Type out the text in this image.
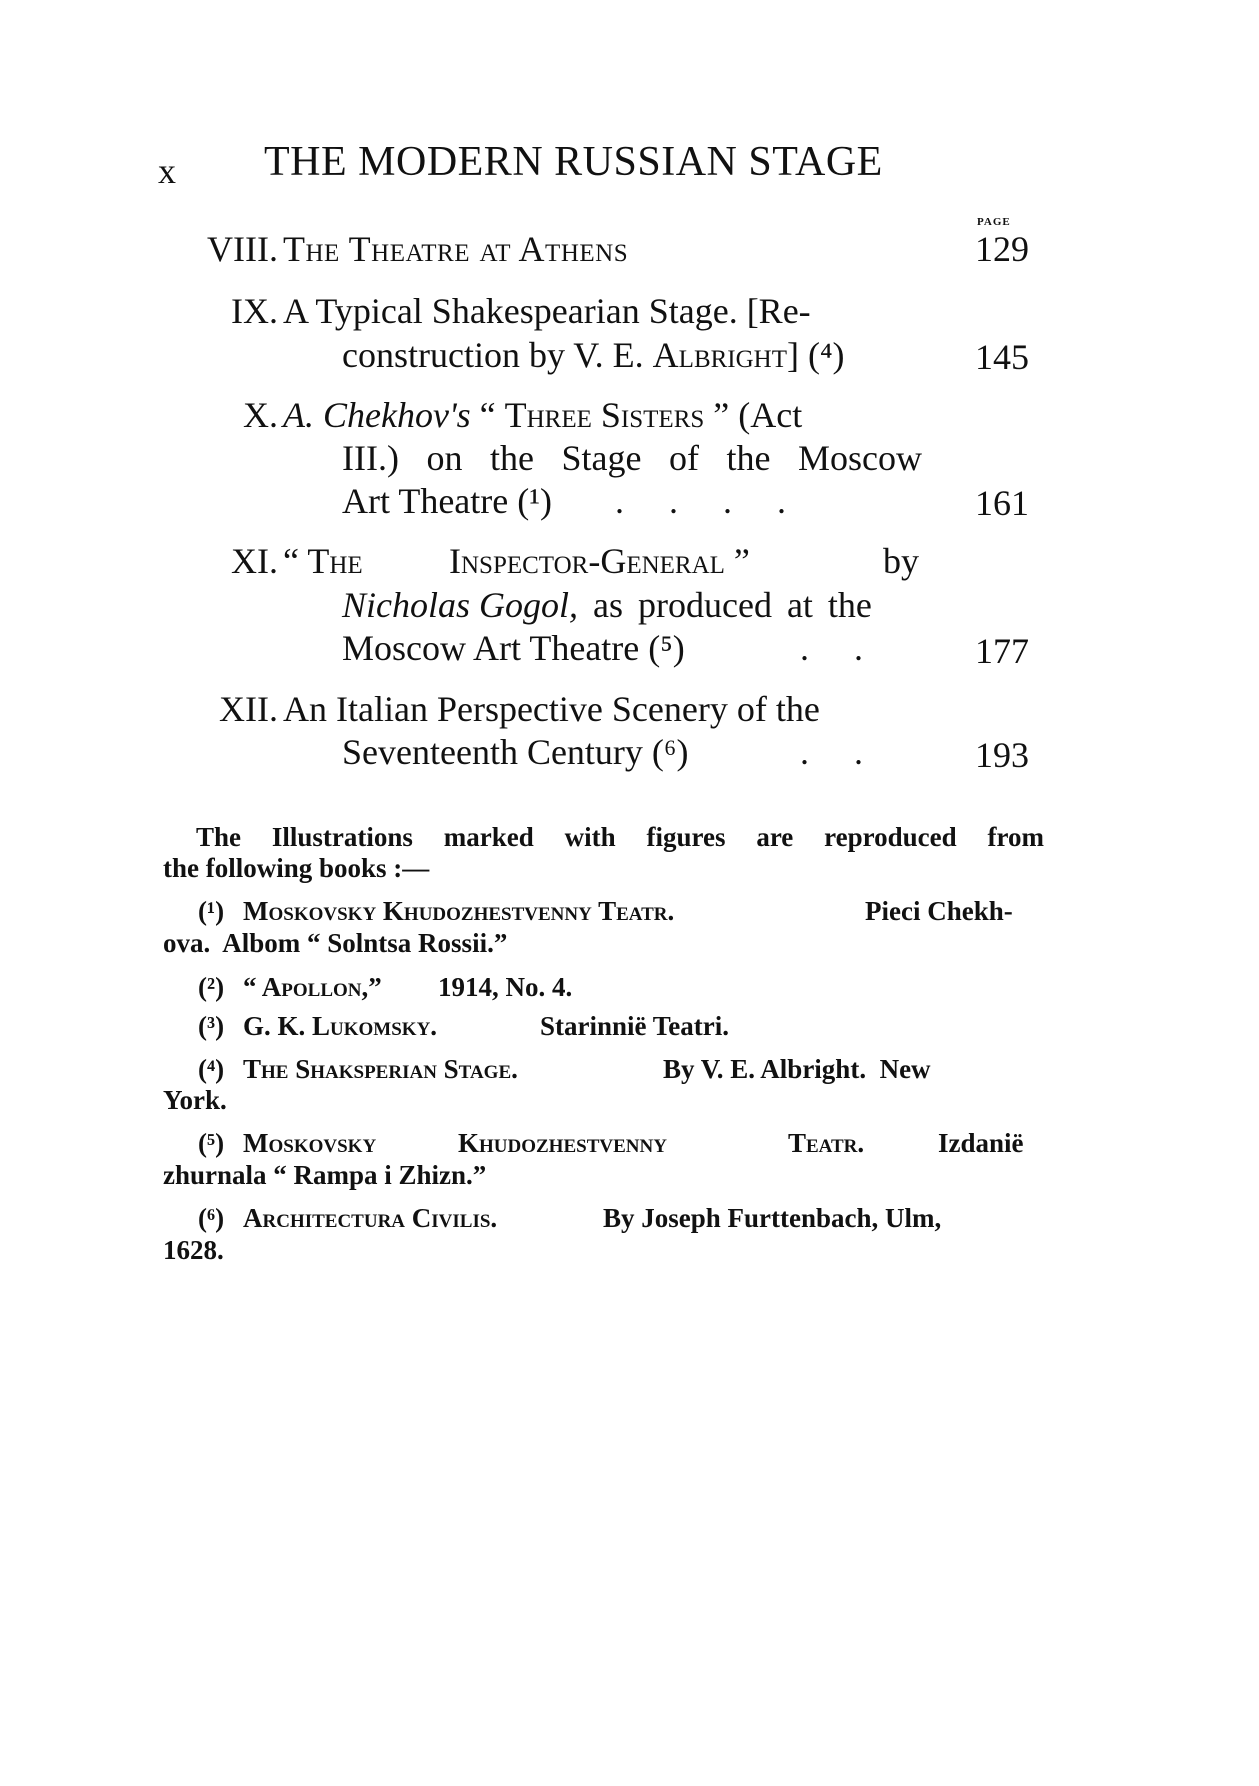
x THE MODERN RUSSIAN STAGE
PAGE
VIII. The Theatre at Athens	129
IX. A Typical Shakespearian Stage. [Re-
construction by V. E. Albright] (⁴)	145
X. A. Chekhov's “ Three Sisters ” (Act
III.) on the Stage of the Moscow
Art Theatre (¹) .     .     .     .	161
XI. “ The Inspector-General ”	by
Nicholas Gogol, as produced at the
Moscow Art Theatre (⁵)	.     .	177
XII. An Italian Perspective Scenery of the
Seventeenth Century (⁶)	.     .	193
The Illustrations marked with figures are reproduced from
the following books :—
(¹) Moskovsky Khudozhestvenny Teatr.	Pieci Chekh-
ova.  Albom “ Solntsa Rossii.”
(²) “ Apollon,” 1914, No. 4.
(³) G. K. Lukomsky.	Starinnië Teatri.
(⁴) The Shaksperian Stage.	By V. E. Albright.  New
York.
(⁵) Moskovsky	Khudozhestvenny	Teatr.	Izdanië
zhurnala “ Rampa i Zhizn.”
(⁶) Architectura Civilis.	By Joseph Furttenbach, Ulm,
1628.
